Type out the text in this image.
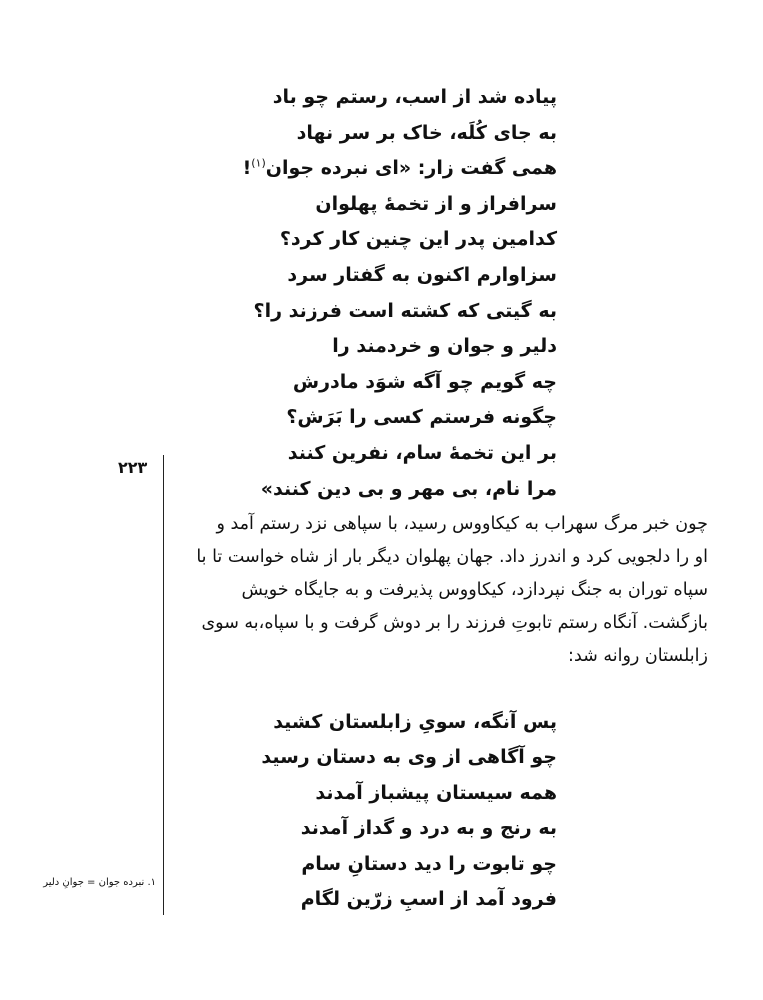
پیاده شد از اسب، رستم چو باد
به جای کُلَه، خاک بر سر نهاد
همی گفت زار: «ای نبرده جوان$^{(۱)}$!
سرافراز و از تخمهٔ پهلوان
کدامین پدر این چنین کار کرد؟
سزاوارم اکنون به گفتار سرد
به گیتی که کشته است فرزند را؟
دلیر و جوان و خردمند را
چه گویم چو آگه شوَد مادرش
چگونه فرستم کسی را بَرَش؟
بر این تخمهٔ سام، نفرین کنند
مرا نام، بی مهر و بی دین کنند»
۲۲۳
چون خبر مرگ سهراب به کیکاووس رسید، با سپاهی نزد رستم آمد و
او را دلجویی کرد و اندرز داد. جهان پهلوان دیگر بار از شاه خواست تا با
سپاه توران به جنگ نپردازد، کیکاووس پذیرفت و به جایگاه خویش
بازگشت. آنگاه رستم تابوتِ فرزند را بر دوش گرفت و با سپاه،به سوی
زابلستان روانه شد:
پس آنگه، سویِ زابلستان کشید
چو آگاهی از وی به دستان رسید
همه سیستان پیشباز آمدند
به رنج و به درد و گداز آمدند
چو تابوت را دید دستانِ سام
فرود آمد از اسبِ زرّین لگام
۱. نبرده جوان = جوانِ دلیر
